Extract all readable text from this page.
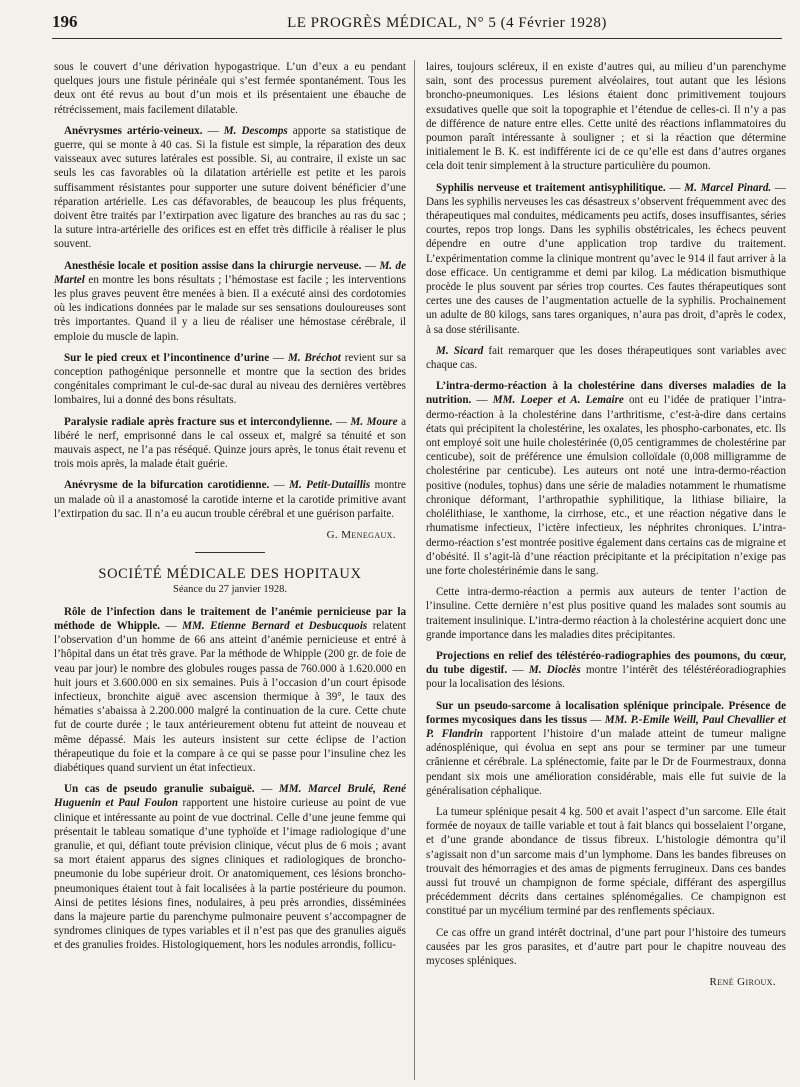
196	LE PROGRÈS MÉDICAL, N° 5 (4 Février 1928)

sous le couvert d’une dérivation hypogastrique. L’un d’eux a eu pendant quelques jours une fistule périnéale qui s’est fermée spontanément. Tous les deux ont été revus au bout d’un mois et ils présentaient une ébauche de rétrécissement, mais facilement dilatable.

Anévrysmes artério-veineux. — M. Descomps apporte sa statistique de guerre, qui se monte à 40 cas. Si la fistule est simple, la réparation des deux vaisseaux avec sutures latérales est possible. Si, au contraire, il existe un sac seuls les cas favorables où la dilatation artérielle est petite et les parois suffisamment résistantes pour supporter une suture doivent bénéficier d’une réparation artérielle. Les cas défavorables, de beaucoup les plus fréquents, doivent être traités par l’extirpation avec ligature des branches au ras du sac ; la suture intra-artérielle des orifices est en effet très difficile à réaliser le plus souvent.

Anesthésie locale et position assise dans la chirurgie nerveuse. — M. de Martel en montre les bons résultats ; l’hémostase est facile ; les interventions les plus graves peuvent être menées à bien. Il a exécuté ainsi des cordotomies où les indications données par le malade sur ses sensations douloureuses sont très importantes. Quand il y a lieu de réaliser une hémostase cérébrale, il emploie du muscle de lapin.

Sur le pied creux et l’incontinence d’urine — M. Bréchot revient sur sa conception pathogénique personnelle et montre que la section des brides congénitales comprimant le cul-de-sac dural au niveau des dernières vertèbres lombaires, lui a donné des bons résultats.

Paralysie radiale après fracture sus et intercondylienne. — M. Moure a libéré le nerf, emprisonné dans le cal osseux et, malgré sa ténuité et son mauvais aspect, ne l’a pas réséqué. Quinze jours après, le tonus était revenu et trois mois après, la malade était guérie.

Anévrysme de la bifurcation carotidienne. — M. Petit-Dutaillis montre un malade où il a anastomosé la carotide interne et la carotide primitive avant l’extirpation du sac. Il n’a eu aucun trouble cérébral et une guérison parfaite.

G. Menegaux.
SOCIÉTÉ MÉDICALE DES HOPITAUX
Séance du 27 janvier 1928.

Rôle de l’infection dans le traitement de l’anémie pernicieuse par la méthode de Whipple. — MM. Etienne Bernard et Desbucquois relatent l’observation d’un homme de 66 ans atteint d’anémie pernicieuse et entré à l’hôpital dans un état très grave. Par la méthode de Whipple (200 gr. de foie de veau par jour) le nombre des globules rouges passa de 760.000 à 1.620.000 en huit jours et 3.600.000 en six semaines. Puis à l’occasion d’un court épisode infectieux, bronchite aiguë avec ascension thermique à 39°, le taux des hématies s’abaissa à 2.200.000 malgré la continuation de la cure. Cette chute fut de courte durée ; le taux antérieurement obtenu fut atteint de nouveau et même dépassé. Mais les auteurs insistent sur cette éclipse de l’action thérapeutique du foie et la compare à ce qui se passe pour l’insuline chez les diabétiques quand survient un état infectieux.

Un cas de pseudo granulie subaiguë. — MM. Marcel Brulé, René Huguenin et Paul Foulon rapportent une histoire curieuse au point de vue clinique et intéressante au point de vue doctrinal. Celle d’une jeune femme qui présentait le tableau somatique d’une typhoïde et l’image radiologique d’une granulie, et qui, défiant toute prévision clinique, vécut plus de 6 mois ; avant sa mort étaient apparus des signes cliniques et radiologiques de broncho-pneumonie du lobe supérieur droit. Or anatomiquement, ces lésions broncho-pneumoniques étaient tout à fait localisées à la partie postérieure du poumon. Ainsi de petites lésions fines, nodulaires, à peu près arrondies, disséminées dans la majeure partie du parenchyme pulmonaire peuvent s’accompagner de syndromes cliniques de types variables et il n’est pas que des granulies aiguës et des granulies froides. Histologiquement, hors les nodules arrondis, follicu-

laires, toujours scléreux, il en existe d’autres qui, au milieu d’un parenchyme sain, sont des processus purement alvéolaires, tout autant que les lésions broncho-pneumoniques. Les lésions étaient donc primitivement toujours exsudatives quelle que soit la topographie et l’étendue de celles-ci. Il n’y a pas de différence de nature entre elles. Cette unité des réactions inflammatoires du poumon paraît intéressante à souligner ; et si la réaction que détermine initialement le B. K. est indifférente ici de ce qu’elle est dans d’autres organes cela doit tenir simplement à la structure particulière du poumon.

Syphilis nerveuse et traitement antisyphilitique. — M. Marcel Pinard. — Dans les syphilis nerveuses les cas désastreux s’observent fréquemment avec des thérapeutiques mal conduites, médicaments peu actifs, doses insuffisantes, séries courtes, repos trop longs. Dans les syphilis obstétricales, les échecs peuvent dépendre en outre d’une application trop tardive du traitement. L’expérimentation comme la clinique montrent qu’avec le 914 il faut arriver à la dose efficace. Un centigramme et demi par kilog. La médication bismuthique procède le plus souvent par séries trop courtes. Ces fautes thérapeutiques sont certes une des causes de l’augmentation actuelle de la syphilis. Prochainement un adulte de 80 kilogs, sans tares organiques, n’aura pas droit, d’après le codex, à sa dose stérilisante.

M. Sicard fait remarquer que les doses thérapeutiques sont variables avec chaque cas.

L’intra-dermo-réaction à la cholestérine dans diverses maladies de la nutrition. — MM. Loeper et A. Lemaire ont eu l’idée de pratiquer l’intra-dermo-réaction à la cholestérine dans l’arthritisme, c’est-à-dire dans certains états qui précipitent la cholestérine, les oxalates, les phospho-carbonates, etc. Ils ont employé soit une huile cholestérinée (0,05 centigrammes de cholestérine par centicube), soit de préférence une émulsion colloïdale (0,008 milligramme de cholestérine par centicube). Les auteurs ont noté une intra-dermo-réaction positive (nodules, tophus) dans une série de maladies notamment le rhumatisme chronique déformant, l’arthropathie syphilitique, la lithiase biliaire, la cholélithiase, le xanthome, la cirrhose, etc., et une réaction négative dans le rhumatisme infectieux, l’ictère infectieux, les néphrites chroniques. L’intra-dermo-réaction s’est montrée positive également dans certains cas de migraine et d’obésité. Il s’agit-là d’une réaction précipitante et la précipitation n’exige pas une forte cholestérinémie dans le sang.

Cette intra-dermo-réaction a permis aux auteurs de tenter l’action de l’insuline. Cette dernière n’est plus positive quand les malades sont soumis au traitement insulinique. L’intra-dermo réaction à la cholestérine acquiert donc une grande importance dans les maladies dites précipitantes.

Projections en relief des téléstéréo-radiographies des poumons, du cœur, du tube digestif. — M. Dioclès montre l’intérêt des téléstéréoradiographies pour la localisation des lésions.

Sur un pseudo-sarcome à localisation splénique principale. Présence de formes mycosiques dans les tissus — MM. P.-Emile Weill, Paul Chevallier et P. Flandrin rapportent l’histoire d’un malade atteint de tumeur maligne adénosplénique, qui évolua en sept ans pour se terminer par une tumeur crânienne et cérébrale. La splénectomie, faite par le Dr de Fourmestraux, donna pendant six mois une amélioration considérable, mais elle fut suivie de la généralisation céphalique.

La tumeur splénique pesait 4 kg. 500 et avait l’aspect d’un sarcome. Elle était formée de noyaux de taille variable et tout à fait blancs qui bosselaient l’organe, et d’une grande abondance de tissus fibreux. L’histologie démontra qu’il s’agissait non d’un sarcome mais d’un lymphome. Dans les bandes fibreuses on trouvait des hémorragies et des amas de pigments ferrugineux. Dans ces bandes aussi fut trouvé un champignon de forme spéciale, différant des aspergillus précédemment décrits dans certaines splénomégalies. Ce champignon est constitué par un mycélium terminé par des renflements spéciaux.

Ce cas offre un grand intérêt doctrinal, d’une part pour l’histoire des tumeurs causées par les gros parasites, et d’autre part pour le chapitre nouveau des mycoses spléniques.

René Giroux.
